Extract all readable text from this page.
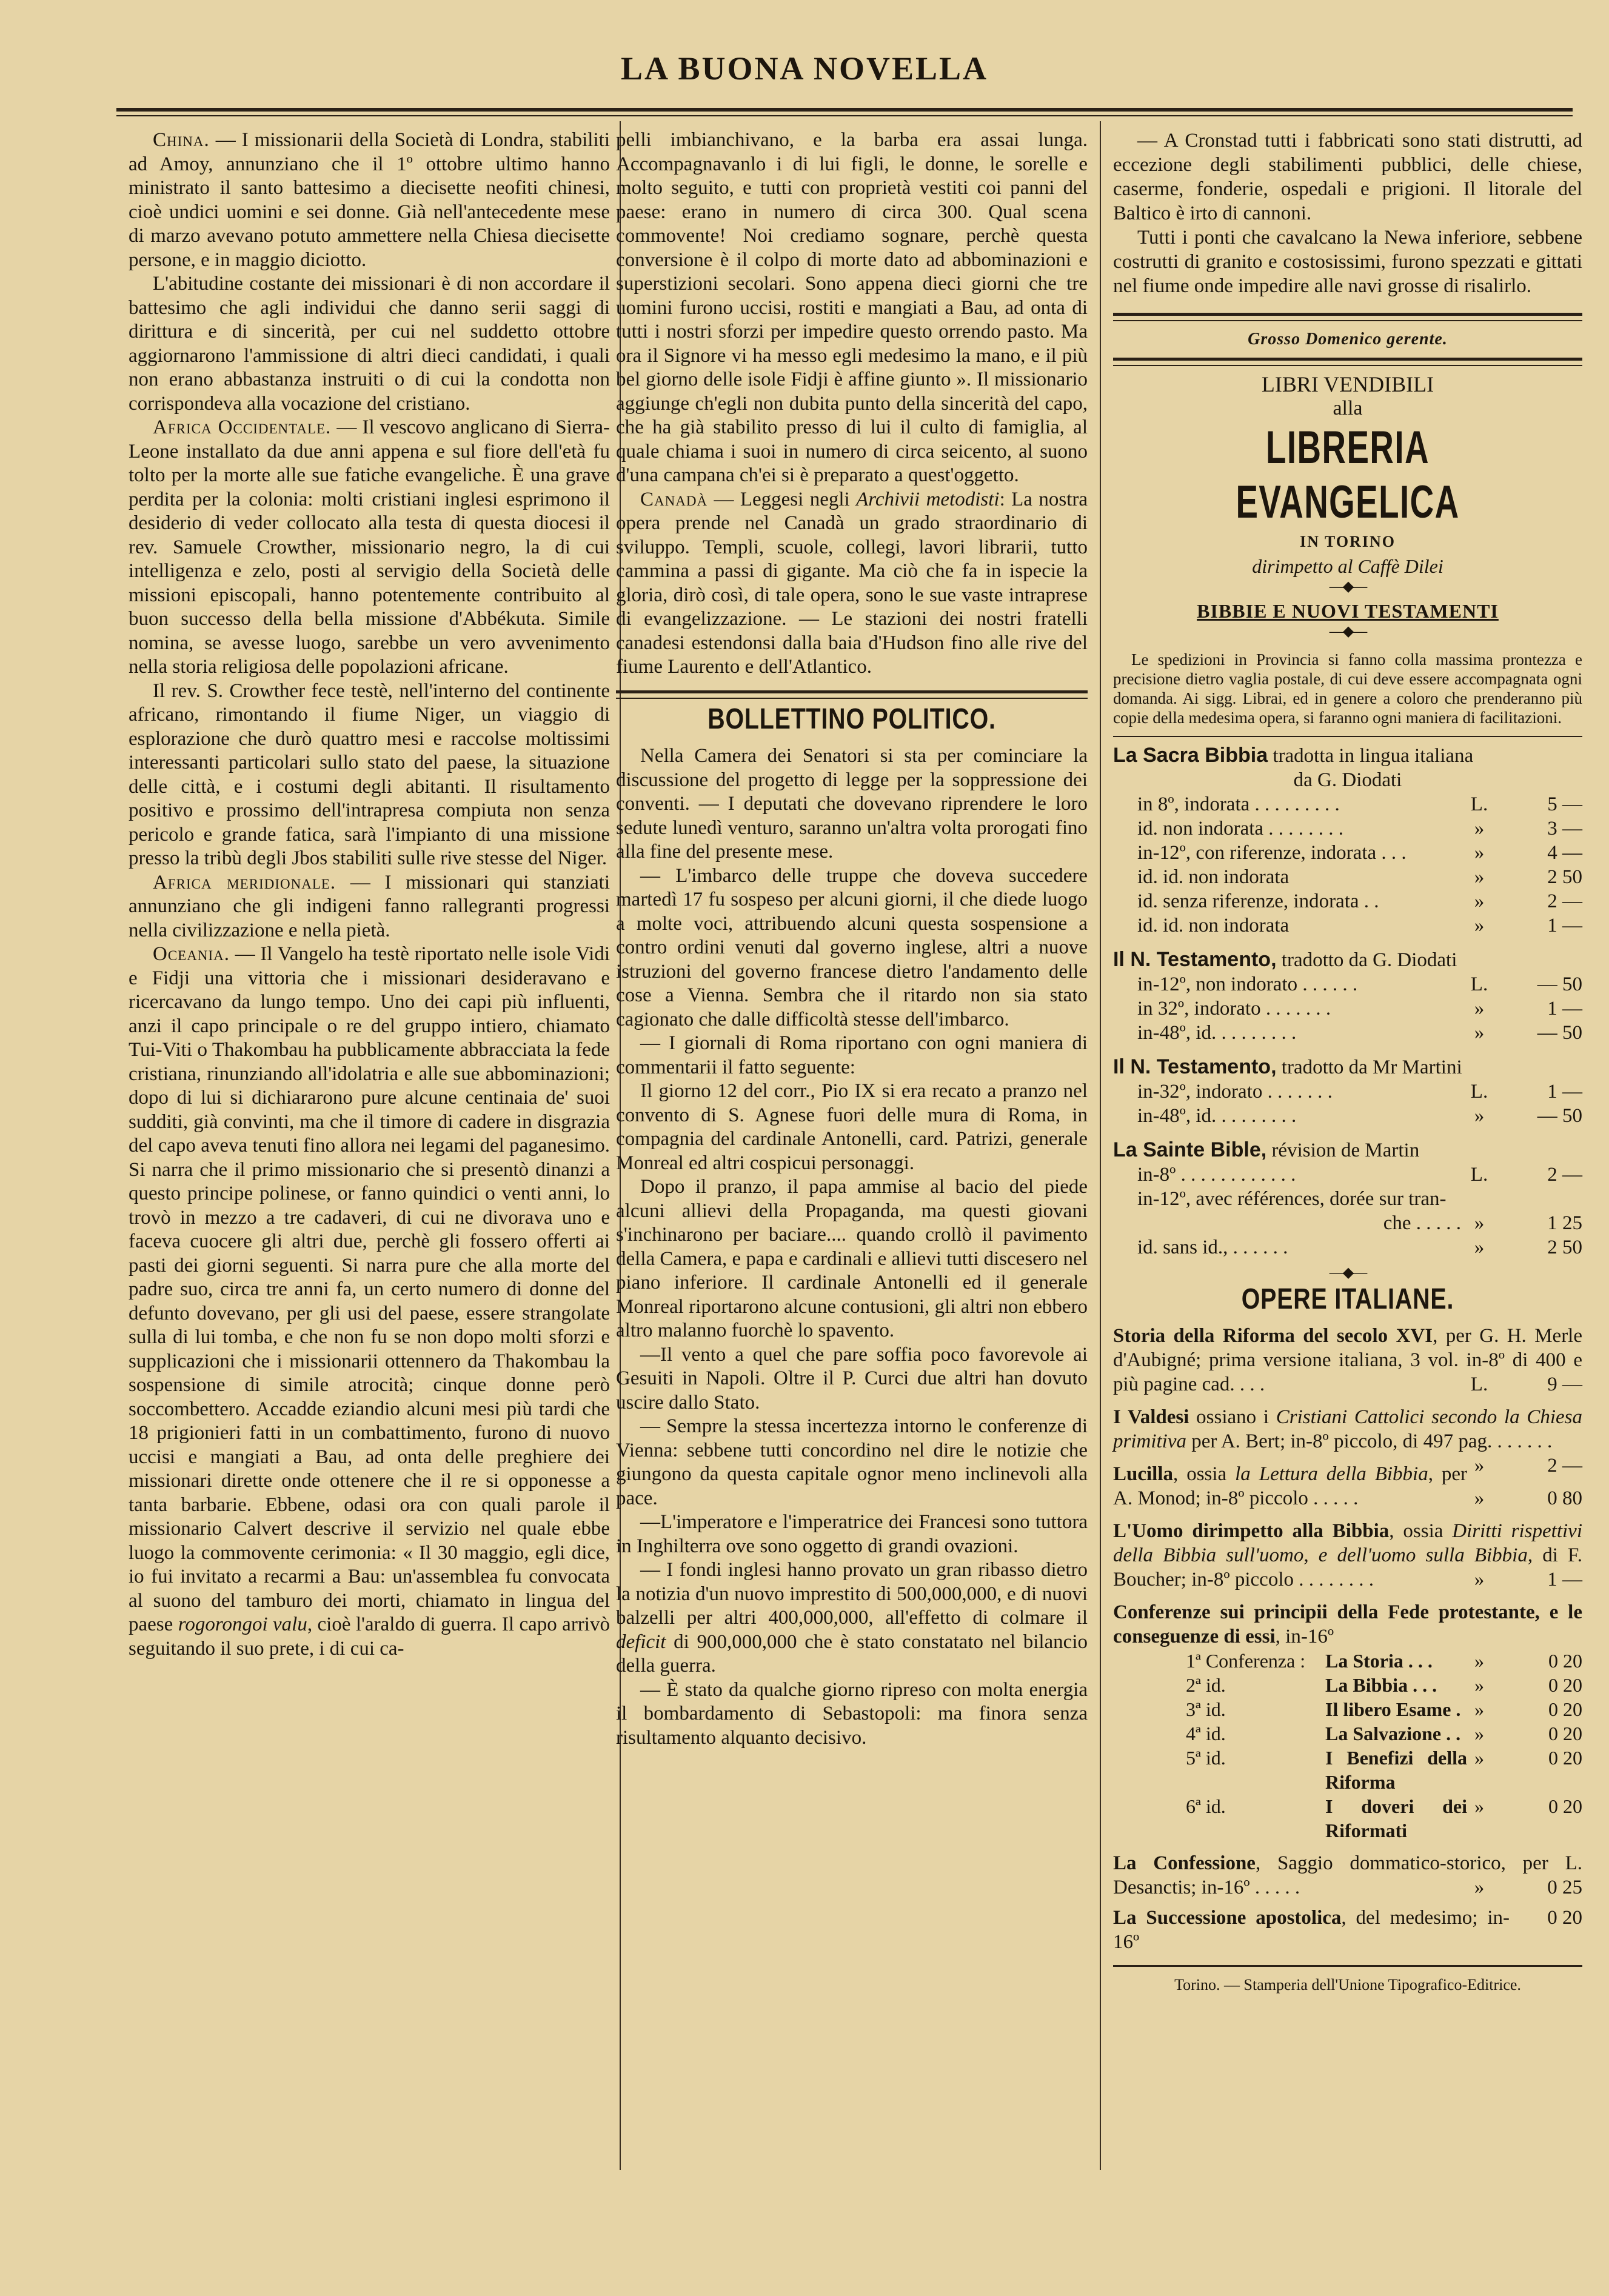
LA BUONA NOVELLA

China. — I missionarii della Società di Londra, stabiliti ad Amoy, annunziano che il 1º ottobre ultimo hanno ministrato il santo battesimo a diecisette neofiti chinesi, cioè undici uomini e sei donne. Già nell'antecedente mese di marzo avevano potuto ammettere nella Chiesa diecisette persone, e in maggio diciotto.

L'abitudine costante dei missionari è di non accordare il battesimo che agli individui che danno serii saggi di dirittura e di sincerità, per cui nel suddetto ottobre aggiornarono l'ammissione di altri dieci candidati, i quali non erano abbastanza instruiti o di cui la condotta non corrispondeva alla vocazione del cristiano.

Africa Occidentale. — Il vescovo anglicano di Sierra-Leone installato da due anni appena e sul fiore dell'età fu tolto per la morte alle sue fatiche evangeliche. È una grave perdita per la colonia: molti cristiani inglesi esprimono il desiderio di veder collocato alla testa di questa diocesi il rev. Samuele Crowther, missionario negro, la di cui intelligenza e zelo, posti al servigio della Società delle missioni episcopali, hanno potentemente contribuito al buon successo della bella missione d'Abbékuta. Simile nomina, se avesse luogo, sarebbe un vero avvenimento nella storia religiosa delle popolazioni africane.

Il rev. S. Crowther fece testè, nell'interno del continente africano, rimontando il fiume Niger, un viaggio di esplorazione che durò quattro mesi e raccolse moltissimi interessanti particolari sullo stato del paese, la situazione delle città, e i costumi degli abitanti. Il risultamento positivo e prossimo dell'intrapresa compiuta non senza pericolo e grande fatica, sarà l'impianto di una missione presso la tribù degli Jbos stabiliti sulle rive stesse del Niger.

Africa meridionale. — I missionari qui stanziati annunziano che gli indigeni fanno rallegranti progressi nella civilizzazione e nella pietà.

Oceania. — Il Vangelo ha testè riportato nelle isole Vidi e Fidji una vittoria che i missionari desideravano e ricercavano da lungo tempo. Uno dei capi più influenti, anzi il capo principale o re del gruppo intiero, chiamato Tui-Viti o Thakombau ha pubblicamente abbracciata la fede cristiana, rinunziando all'idolatria e alle sue abbominazioni; dopo di lui si dichiararono pure alcune centinaia de' suoi sudditi, già convinti, ma che il timore di cadere in disgrazia del capo aveva tenuti fino allora nei legami del paganesimo. Si narra che il primo missionario che si presentò dinanzi a questo principe polinese, or fanno quindici o venti anni, lo trovò in mezzo a tre cadaveri, di cui ne divorava uno e faceva cuocere gli altri due, perchè gli fossero offerti ai pasti dei giorni seguenti. Si narra pure che alla morte del padre suo, circa tre anni fa, un certo numero di donne del defunto dovevano, per gli usi del paese, essere strangolate sulla di lui tomba, e che non fu se non dopo molti sforzi e supplicazioni che i missionarii ottennero da Thakombau la sospensione di simile atrocità; cinque donne però soccombettero. Accadde eziandio alcuni mesi più tardi che 18 prigionieri fatti in un combattimento, furono di nuovo uccisi e mangiati a Bau, ad onta delle preghiere dei missionari dirette onde ottenere che il re si opponesse a tanta barbarie. Ebbene, odasi ora con quali parole il missionario Calvert descrive il servizio nel quale ebbe luogo la commovente cerimonia: « Il 30 maggio, egli dice, io fui invitato a recarmi a Bau: un'assemblea fu convocata al suono del tamburo dei morti, chiamato in lingua del paese rogorongoi valu, cioè l'araldo di guerra. Il capo arrivò seguitando il suo prete, i di cui ca-

pelli imbianchivano, e la barba era assai lunga. Accompagnavanlo i di lui figli, le donne, le sorelle e molto seguito, e tutti con proprietà vestiti coi panni del paese: erano in numero di circa 300. Qual scena commovente! Noi crediamo sognare, perchè questa conversione è il colpo di morte dato ad abbominazioni e superstizioni secolari. Sono appena dieci giorni che tre uomini furono uccisi, rostiti e mangiati a Bau, ad onta di tutti i nostri sforzi per impedire questo orrendo pasto. Ma ora il Signore vi ha messo egli medesimo la mano, e il più bel giorno delle isole Fidji è affine giunto ». Il missionario aggiunge ch'egli non dubita punto della sincerità del capo, che ha già stabilito presso di lui il culto di famiglia, al quale chiama i suoi in numero di circa seicento, al suono d'una campana ch'ei si è preparato a quest'oggetto.

Canadà — Leggesi negli Archivii metodisti: La nostra opera prende nel Canadà un grado straordinario di sviluppo. Templi, scuole, collegi, lavori librarii, tutto cammina a passi di gigante. Ma ciò che fa in ispecie la gloria, dirò così, di tale opera, sono le sue vaste intraprese di evangelizzazione. — Le stazioni dei nostri fratelli canadesi estendonsi dalla baia d'Hudson fino alle rive del fiume Laurento e dell'Atlantico.

BOLLETTINO POLITICO.

Nella Camera dei Senatori si sta per cominciare la discussione del progetto di legge per la soppressione dei conventi. — I deputati che dovevano riprendere le loro sedute lunedì venturo, saranno un'altra volta prorogati fino alla fine del presente mese.

— L'imbarco delle truppe che doveva succedere martedì 17 fu sospeso per alcuni giorni, il che diede luogo a molte voci, attribuendo alcuni questa sospensione a contro ordini venuti dal governo inglese, altri a nuove istruzioni del governo francese dietro l'andamento delle cose a Vienna. Sembra che il ritardo non sia stato cagionato che dalle difficoltà stesse dell'imbarco.

— I giornali di Roma riportano con ogni maniera di commentarii il fatto seguente:

Il giorno 12 del corr., Pio IX si era recato a pranzo nel convento di S. Agnese fuori delle mura di Roma, in compagnia del cardinale Antonelli, card. Patrizi, generale Monreal ed altri cospicui personaggi.

Dopo il pranzo, il papa ammise al bacio del piede alcuni allievi della Propaganda, ma questi giovani s'inchinarono per baciare.... quando crollò il pavimento della Camera, e papa e cardinali e allievi tutti discesero nel piano inferiore. Il cardinale Antonelli ed il generale Monreal riportarono alcune contusioni, gli altri non ebbero altro malanno fuorchè lo spavento.

—Il vento a quel che pare soffia poco favorevole ai Gesuiti in Napoli. Oltre il P. Curci due altri han dovuto uscire dallo Stato.

— Sempre la stessa incertezza intorno le conferenze di Vienna: sebbene tutti concordino nel dire le notizie che giungono da questa capitale ognor meno inclinevoli alla pace.

—L'imperatore e l'imperatrice dei Francesi sono tuttora in Inghilterra ove sono oggetto di grandi ovazioni.

— I fondi inglesi hanno provato un gran ribasso dietro la notizia d'un nuovo imprestito di 500,000,000, e di nuovi balzelli per altri 400,000,000, all'effetto di colmare il deficit di 900,000,000 che è stato constatato nel bilancio della guerra.

— È stato da qualche giorno ripreso con molta energia il bombardamento di Sebastopoli: ma finora senza risultamento alquanto decisivo.

— A Cronstad tutti i fabbricati sono stati distrutti, ad eccezione degli stabilimenti pubblici, delle chiese, caserme, fonderie, ospedali e prigioni. Il litorale del Baltico è irto di cannoni.

Tutti i ponti che cavalcano la Newa inferiore, sebbene costrutti di granito e costosissimi, furono spezzati e gittati nel fiume onde impedire alle navi grosse di risalirlo.

Grosso Domenico gerente.
LIBRI VENDIBILI
alla
LIBRERIA EVANGELICA
IN TORINO
dirimpetto al Caffè Dilei
—◆—
BIBBIE E NUOVI TESTAMENTI
—◆—
Le spedizioni in Provincia si fanno colla massima prontezza e precisione dietro vaglia postale, di cui deve essere accompagnata ogni domanda. Ai sigg. Librai, ed in genere a coloro che prenderanno più copie della medesima opera, si faranno ogni maniera di facilitazioni.
La Sacra Bibbia tradotta in lingua italiana
da G. Diodati
in 8º, indorata . . . . . . . . .	L.	5 —
id. non indorata . . . . . . . .	»	3 —
in-12º, con riferenze, indorata . . .	»	4 —
id. id. non indorata	»	2 50
id. senza riferenze, indorata . .	»	2 —
id. id. non indorata	»	1 —
Il N. Testamento, tradotto da G. Diodati
in-12º, non indorato . . . . . .	L.	— 50
in 32º, indorato . . . . . . .	»	1 —
in-48º, id. . . . . . . . .	»	— 50
Il N. Testamento, tradotto da Mr Martini
in-32º, indorato . . . . . . .	L.	1 —
in-48º, id. . . . . . . . .	»	— 50
La Sainte Bible, révision de Martin
in-8º . . . . . . . . . . . .	L.	2 —
in-12º, avec références, dorée sur tran-
che . . . . . »	1 25
id. sans id., . . . . . .	»	2 50
—◆—
OPERE ITALIANE.
Storia della Riforma del secolo XVI, per G. H. Merle d'Aubigné; prima versione italiana, 3 vol. in-8º di 400 e più pagine cad. . . .	L.	9 —
I Valdesi ossiano i Cristiani Cattolici secondo la Chiesa primitiva per A. Bert; in-8º piccolo, di 497 pag. . . . . . .
»	2 —
Lucilla, ossia la Lettura della Bibbia, per A. Monod; in-8º piccolo . . . . .	»	0 80
L'Uomo dirimpetto alla Bibbia, ossia Diritti rispettivi della Bibbia sull'uomo, e dell'uomo sulla Bibbia, di F. Boucher; in-8º piccolo . . . . . . . .	»	1 —
Conferenze sui principii della Fede protestante, e le conseguenze di essi, in-16º
1ª Conferenza :	La Storia . . .	»	0 20
2ª id.	La Bibbia . . .	»	0 20
3ª id.	Il libero Esame . »	0 20
4ª id.	La Salvazione . . »	0 20
5ª id.	I Benefizi della Riforma
»	0 20
6ª id.	I doveri dei Riformati
»	0 20
La Confessione, Saggio dommatico-storico, per L. Desanctis; in-16º . . . . .	»	0 25
La Successione apostolica, del medesimo; in-16º
0 20
Torino. — Stamperia dell'Unione Tipografico-Editrice.
